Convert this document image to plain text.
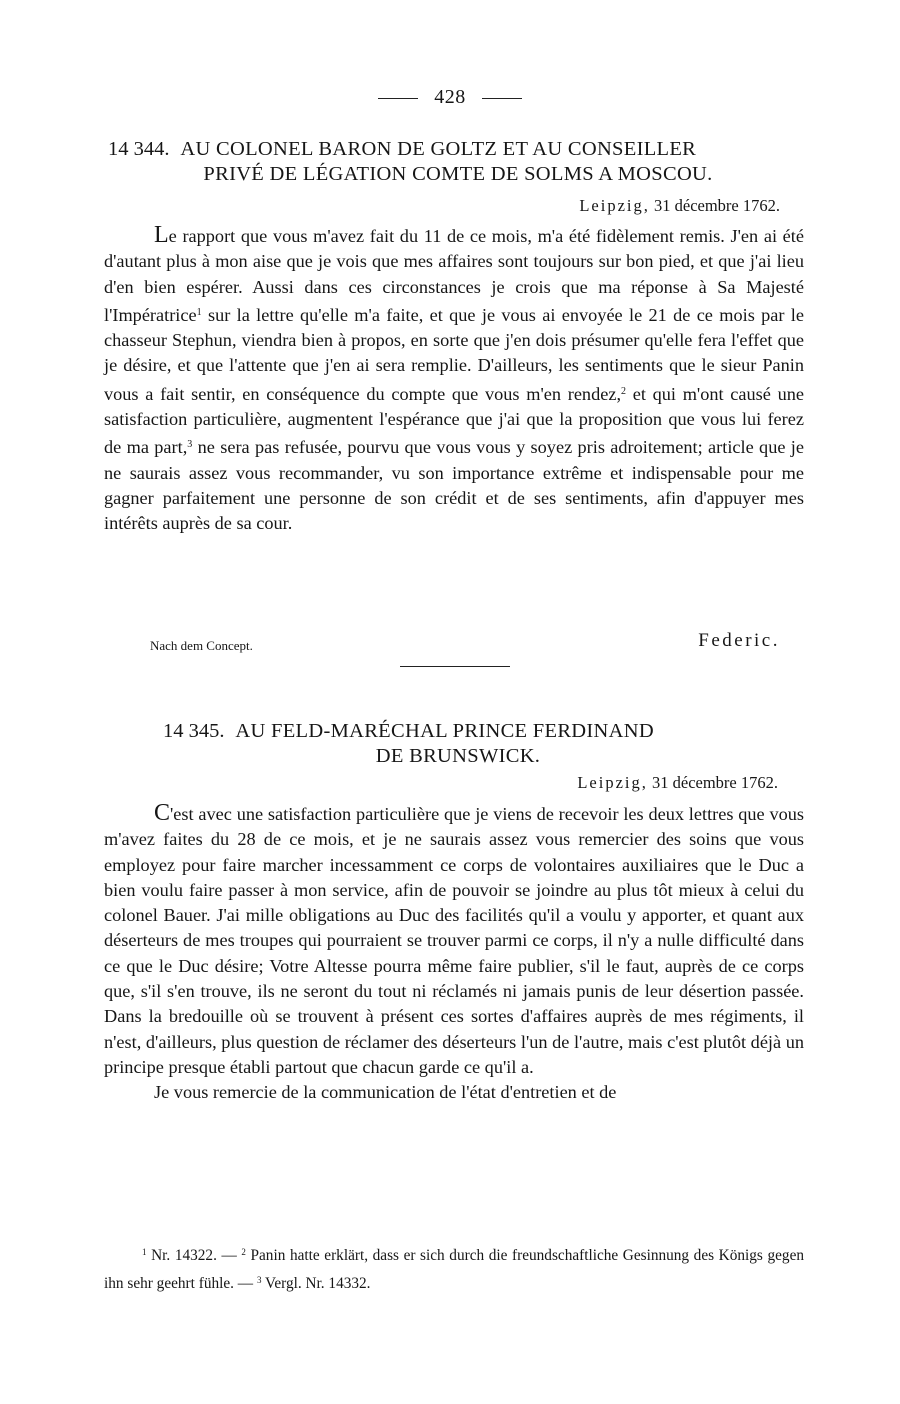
428
14 344. AU COLONEL BARON DE GOLTZ ET AU CONSEILLER
PRIVÉ DE LÉGATION COMTE DE SOLMS A MOSCOU.
Leipzig, 31 décembre 1762.

Le rapport que vous m'avez fait du 11 de ce mois, m'a été fidèlement remis. J'en ai été d'autant plus à mon aise que je vois que mes affaires sont toujours sur bon pied, et que j'ai lieu d'en bien espérer. Aussi dans ces circonstances je crois que ma réponse à Sa Majesté l'Impératrice$^1$ sur la lettre qu'elle m'a faite, et que je vous ai envoyée le 21 de ce mois par le chasseur Stephun, viendra bien à propos, en sorte que j'en dois présumer qu'elle fera l'effet que je désire, et que l'attente que j'en ai sera remplie. D'ailleurs, les sentiments que le sieur Panin vous a fait sentir, en conséquence du compte que vous m'en rendez,$^2$ et qui m'ont causé une satisfaction particulière, augmentent l'espérance que j'ai que la proposition que vous lui ferez de ma part,$^3$ ne sera pas refusée, pourvu que vous vous y soyez pris adroitement; article que je ne saurais assez vous recommander, vu son importance extrême et indispensable pour me gagner parfaitement une personne de son crédit et de ses sentiments, afin d'appuyer mes intérêts auprès de sa cour.

Nach dem Concept.	Federic.
14 345. AU FELD-MARÉCHAL PRINCE FERDINAND
DE BRUNSWICK.
Leipzig, 31 décembre 1762.

C'est avec une satisfaction particulière que je viens de recevoir les deux lettres que vous m'avez faites du 28 de ce mois, et je ne saurais assez vous remercier des soins que vous employez pour faire marcher incessamment ce corps de volontaires auxiliaires que le Duc a bien voulu faire passer à mon service, afin de pouvoir se joindre au plus tôt mieux à celui du colonel Bauer. J'ai mille obligations au Duc des facilités qu'il a voulu y apporter, et quant aux déserteurs de mes troupes qui pourraient se trouver parmi ce corps, il n'y a nulle difficulté dans ce que le Duc désire; Votre Altesse pourra même faire publier, s'il le faut, auprès de ce corps que, s'il s'en trouve, ils ne seront du tout ni réclamés ni jamais punis de leur désertion passée. Dans la bredouille où se trouvent à présent ces sortes d'affaires auprès de mes régiments, il n'est, d'ailleurs, plus question de réclamer des déserteurs l'un de l'autre, mais c'est plutôt déjà un principe presque établi partout que chacun garde ce qu'il a.

Je vous remercie de la communication de l'état d'entretien et de

$^1$ Nr. 14322. — $^2$ Panin hatte erklärt, dass er sich durch die freundschaftliche Gesinnung des Königs gegen ihn sehr geehrt fühle. — $^3$ Vergl. Nr. 14332.
